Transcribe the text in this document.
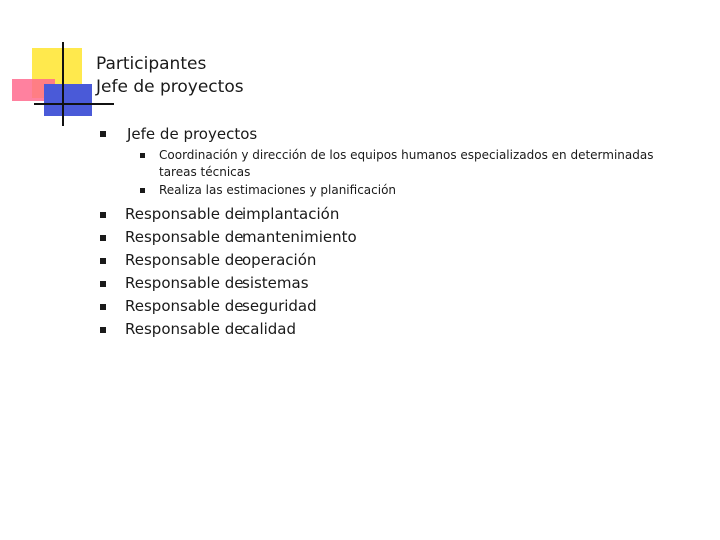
Participantes
Jefe de proyectos
Jefe de proyectos
Coordinación y dirección de los equipos humanos especializados en determinadas
tareas técnicas
Realiza las estimaciones y planificación
Responsable deimplantación
Responsable demantenimiento
Responsable deoperación
Responsable desistemas
Responsable deseguridad
Responsable decalidad
